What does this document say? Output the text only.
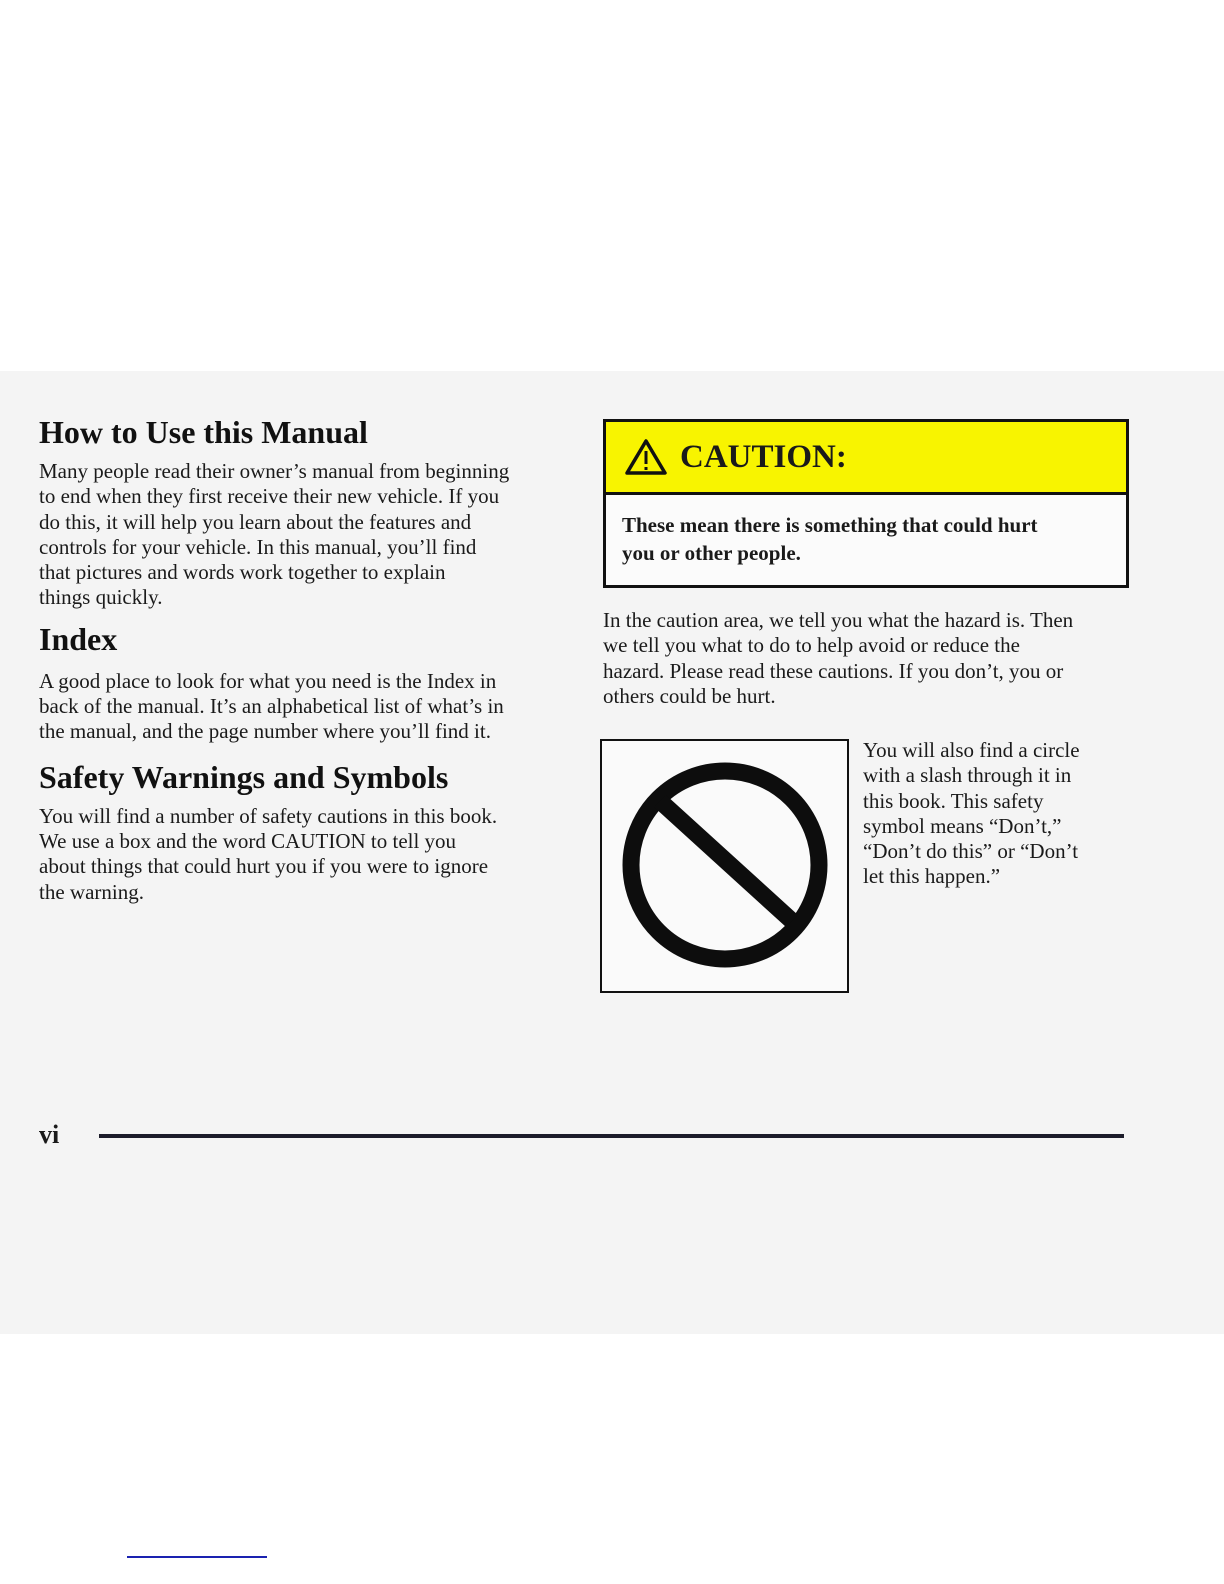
How to Use this Manual

Many people read their owner’s manual from beginning
to end when they first receive their new vehicle. If you
do this, it will help you learn about the features and
controls for your vehicle. In this manual, you’ll find
that pictures and words work together to explain
things quickly.

Index

A good place to look for what you need is the Index in
back of the manual. It’s an alphabetical list of what’s in
the manual, and the page number where you’ll find it.

Safety Warnings and Symbols

You will find a number of safety cautions in this book.
We use a box and the word CAUTION to tell you
about things that could hurt you if you were to ignore
the warning.

CAUTION:
These mean there is something that could hurt
you or other people.

In the caution area, we tell you what the hazard is. Then
we tell you what to do to help avoid or reduce the
hazard. Please read these cautions. If you don’t, you or
others could be hurt.

You will also find a circle
with a slash through it in
this book. This safety
symbol means “Don’t,”
“Don’t do this” or “Don’t
let this happen.”

vi
